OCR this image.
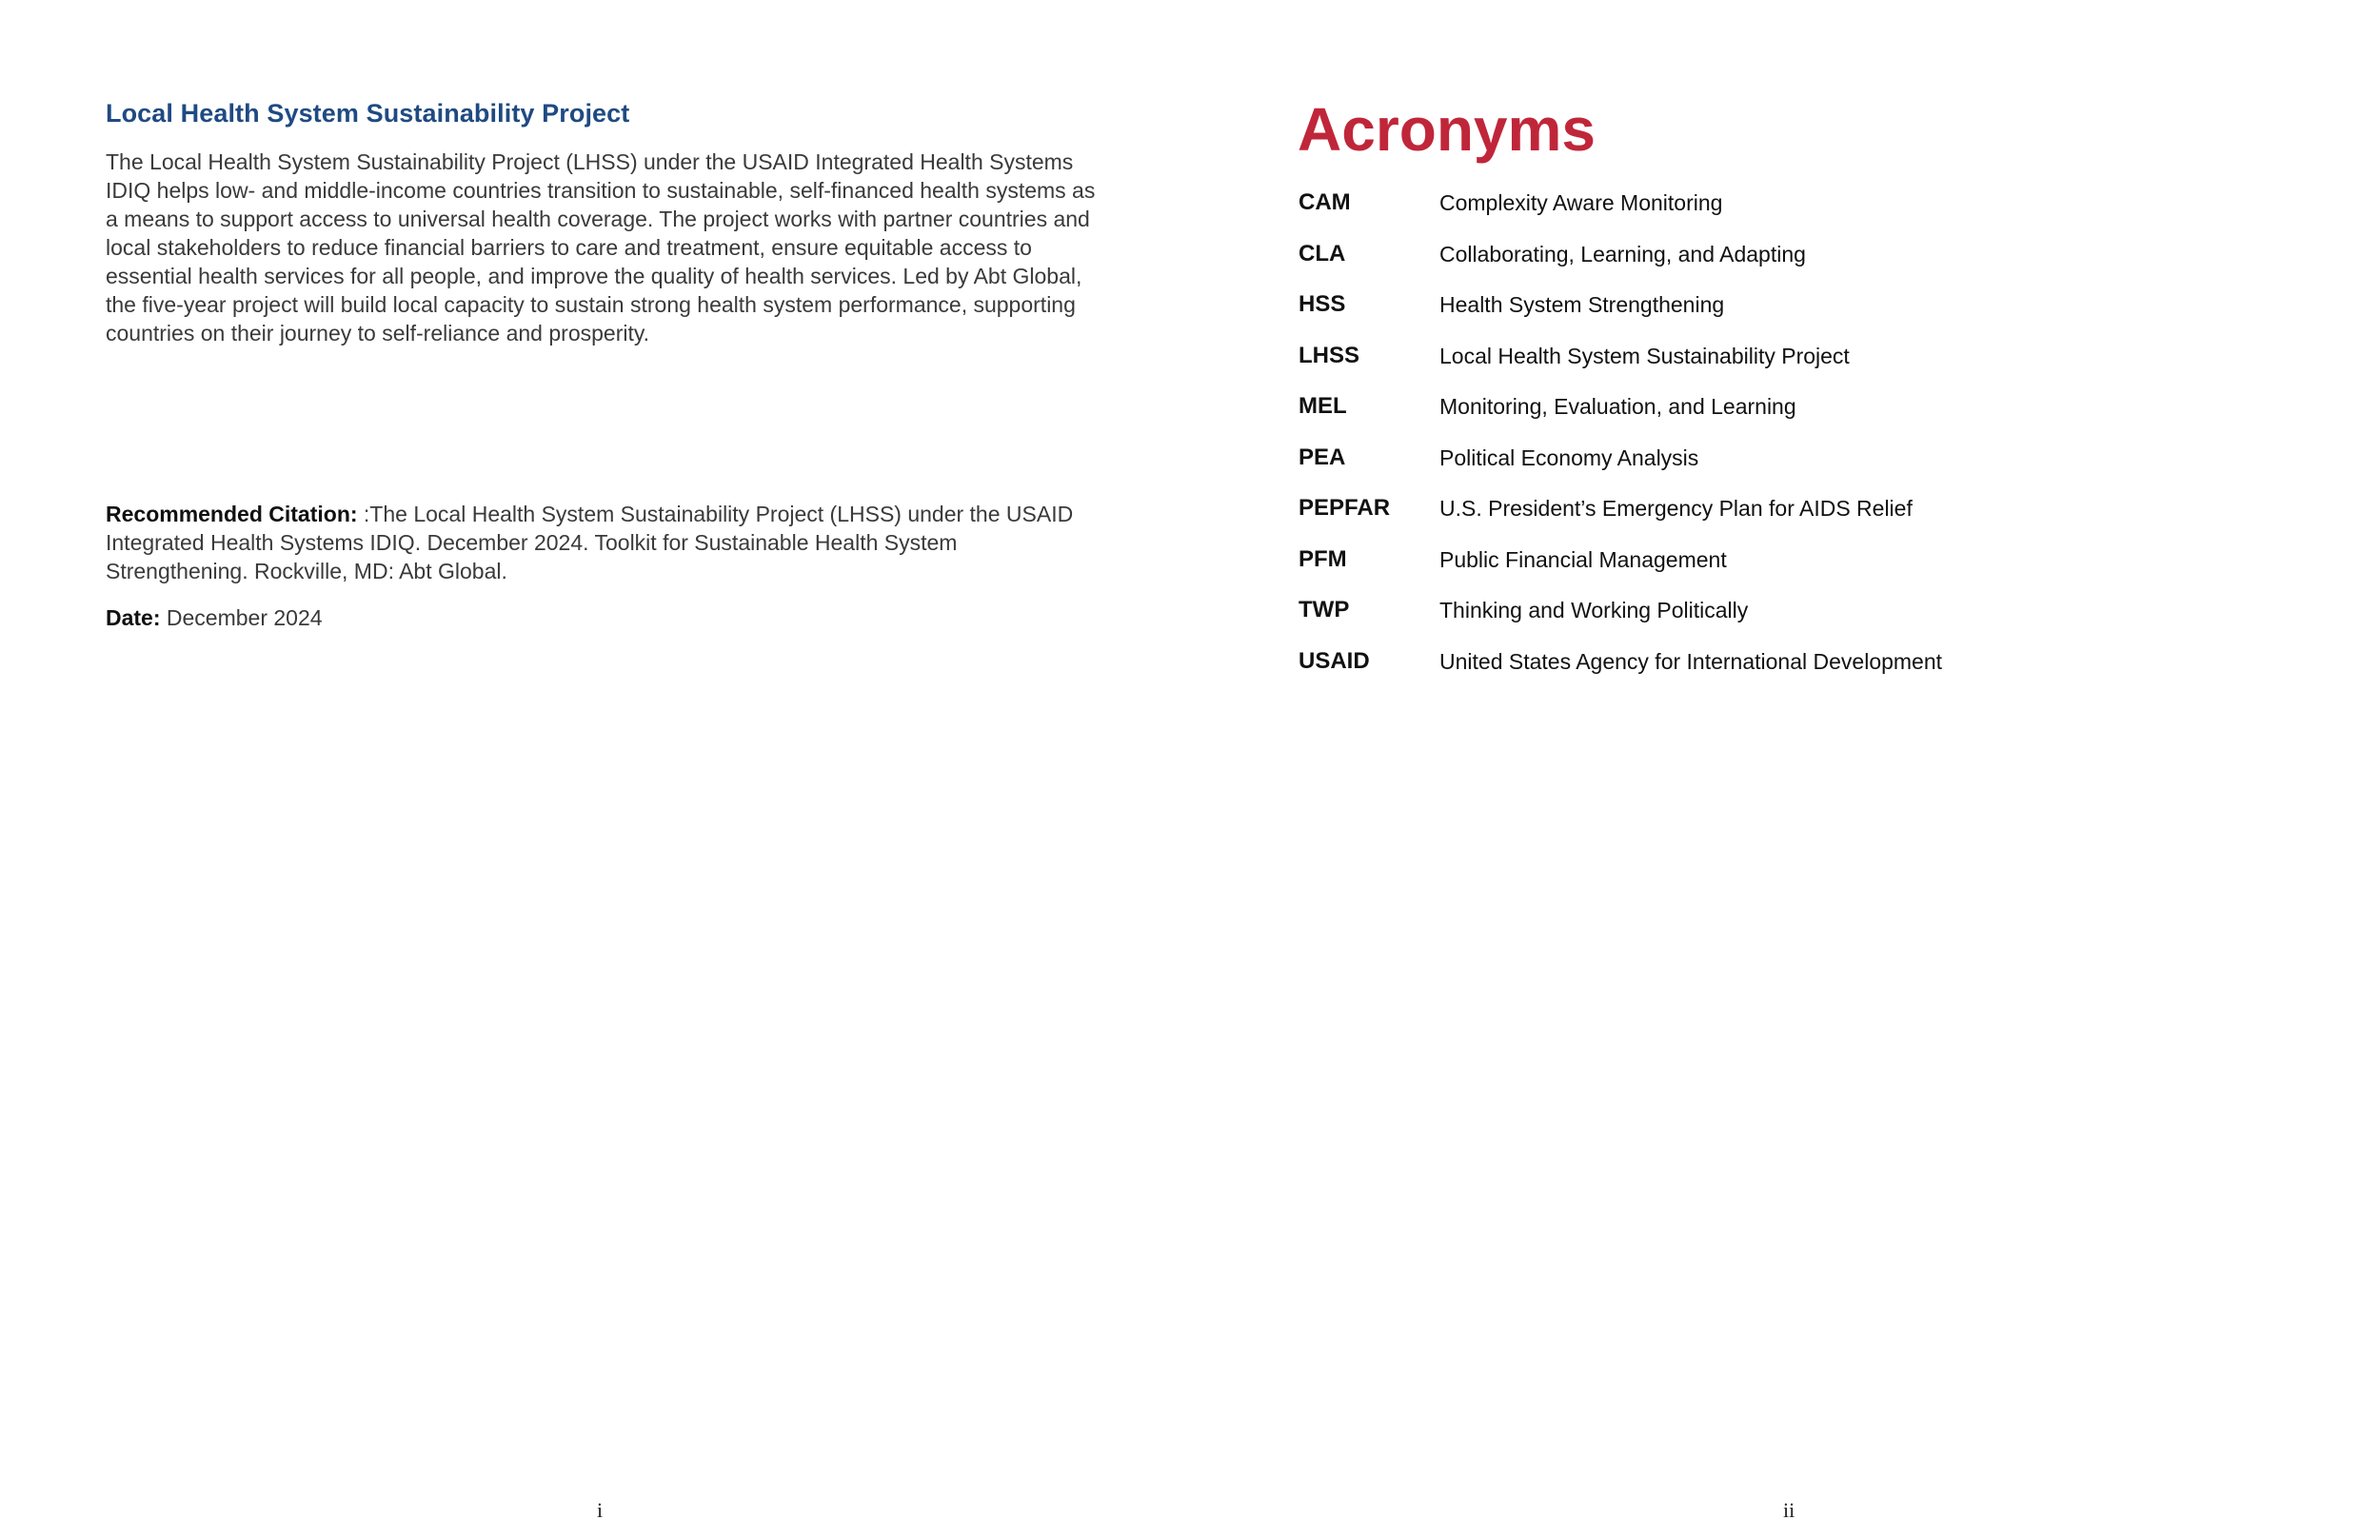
Local Health System Sustainability Project

The Local Health System Sustainability Project (LHSS) under the USAID Integrated Health Systems IDIQ helps low- and middle-income countries transition to sustainable, self-financed health systems as a means to support access to universal health coverage. The project works with partner countries and local stakeholders to reduce financial barriers to care and treatment, ensure equitable access to essential health services for all people, and improve the quality of health services. Led by Abt Global, the five-year project will build local capacity to sustain strong health system performance, supporting countries on their journey to self-reliance and prosperity.

Recommended Citation: :The Local Health System Sustainability Project (LHSS) under the USAID Integrated Health Systems IDIQ. December 2024. Toolkit for Sustainable Health System Strengthening. Rockville, MD: Abt Global.

Date: December 2024

i
Acronyms
CAM	Complexity Aware Monitoring
CLA	Collaborating, Learning, and Adapting
HSS	Health System Strengthening
LHSS	Local Health System Sustainability Project
MEL	Monitoring, Evaluation, and Learning
PEA	Political Economy Analysis
PEPFAR	U.S. President’s Emergency Plan for AIDS Relief
PFM	Public Financial Management
TWP	Thinking and Working Politically
USAID	United States Agency for International Development
ii
